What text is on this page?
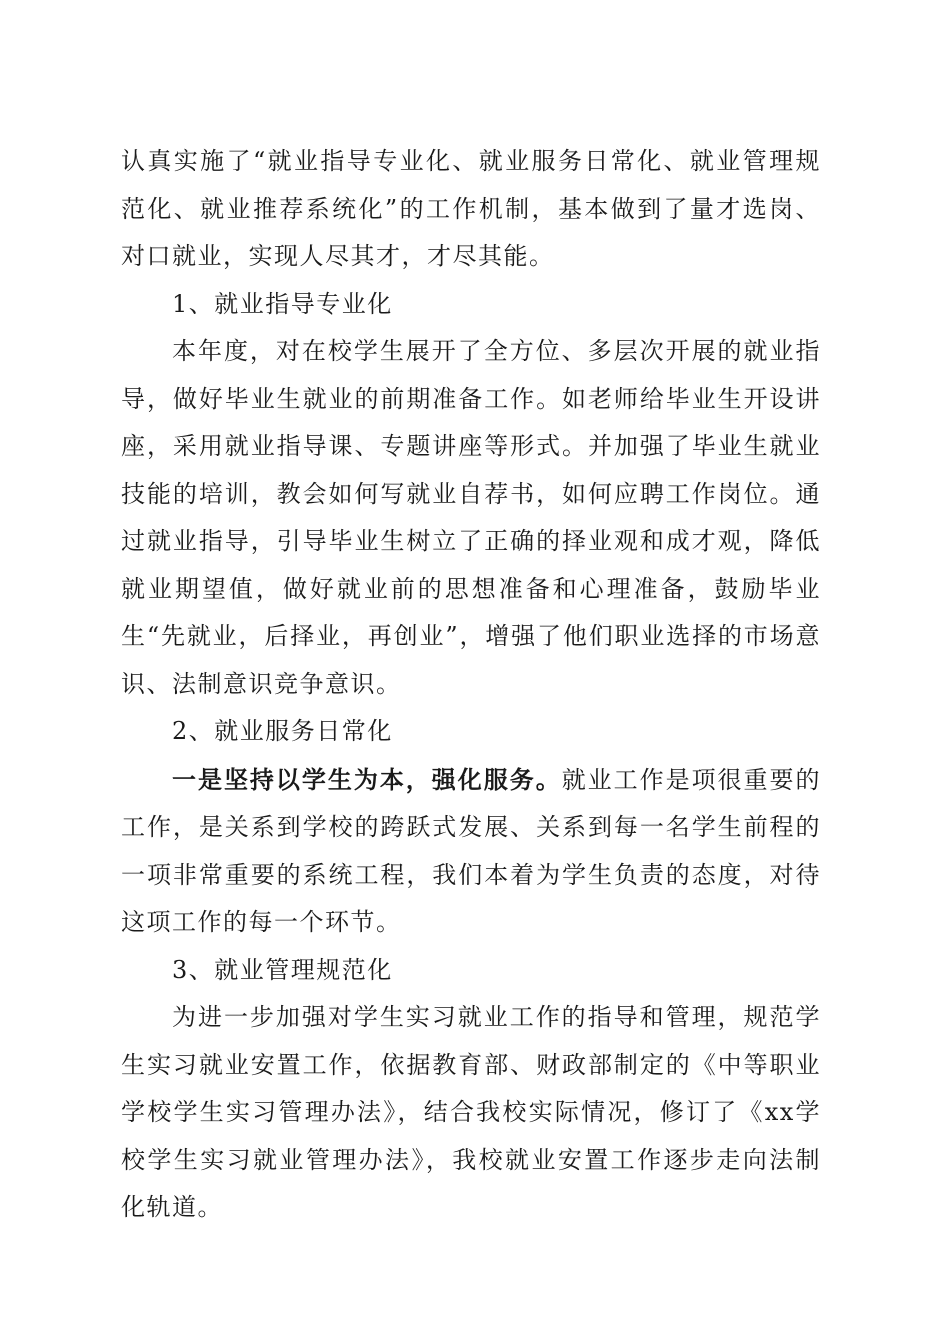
认真实施了“就业指导专业化、就业服务日常化、就业管理规范化、就业推荐系统化”的工作机制，基本做到了量才选岗、对口就业，实现人尽其才，才尽其能。

1、就业指导专业化

本年度，对在校学生展开了全方位、多层次开展的就业指导，做好毕业生就业的前期准备工作。如老师给毕业生开设讲座，采用就业指导课、专题讲座等形式。并加强了毕业生就业技能的培训，教会如何写就业自荐书，如何应聘工作岗位。通过就业指导，引导毕业生树立了正确的择业观和成才观，降低就业期望值，做好就业前的思想准备和心理准备，鼓励毕业生“先就业，后择业，再创业”，增强了他们职业选择的市场意识、法制意识竞争意识。

2、就业服务日常化

一是坚持以学生为本，强化服务。就业工作是项很重要的工作，是关系到学校的跨跃式发展、关系到每一名学生前程的一项非常重要的系统工程，我们本着为学生负责的态度，对待这项工作的每一个环节。

3、就业管理规范化

为进一步加强对学生实习就业工作的指导和管理，规范学生实习就业安置工作，依据教育部、财政部制定的《中等职业学校学生实习管理办法》，结合我校实际情况，修订了《xx学校学生实习就业管理办法》，我校就业安置工作逐步走向法制化轨道。
